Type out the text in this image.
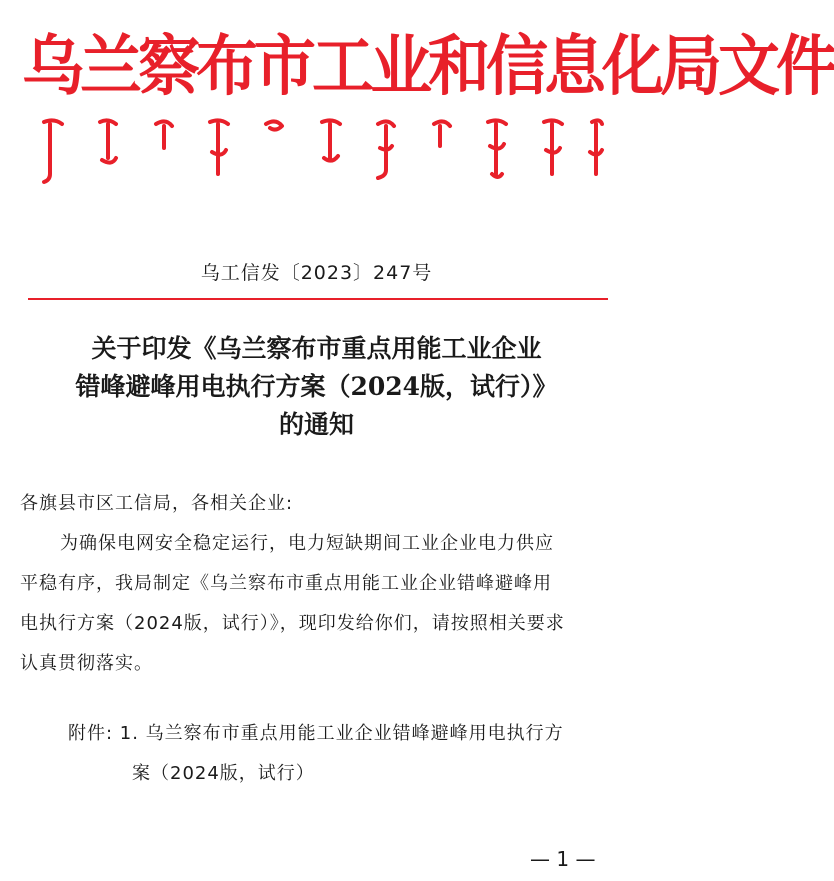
乌兰察布市工业和信息化局文件
乌工信发〔2023〕247号
关于印发《乌兰察布市重点用能工业企业
错峰避峰用电执行方案（2024版，试行）》
的通知
各旗县市区工信局，各相关企业:
为确保电网安全稳定运行，电力短缺期间工业企业电力供应
平稳有序，我局制定《乌兰察布市重点用能工业企业错峰避峰用
电执行方案（2024版，试行）》，现印发给你们，请按照相关要求
认真贯彻落实。
附件: 1. 乌兰察布市重点用能工业企业错峰避峰用电执行方
案（2024版，试行）
— 1 —
